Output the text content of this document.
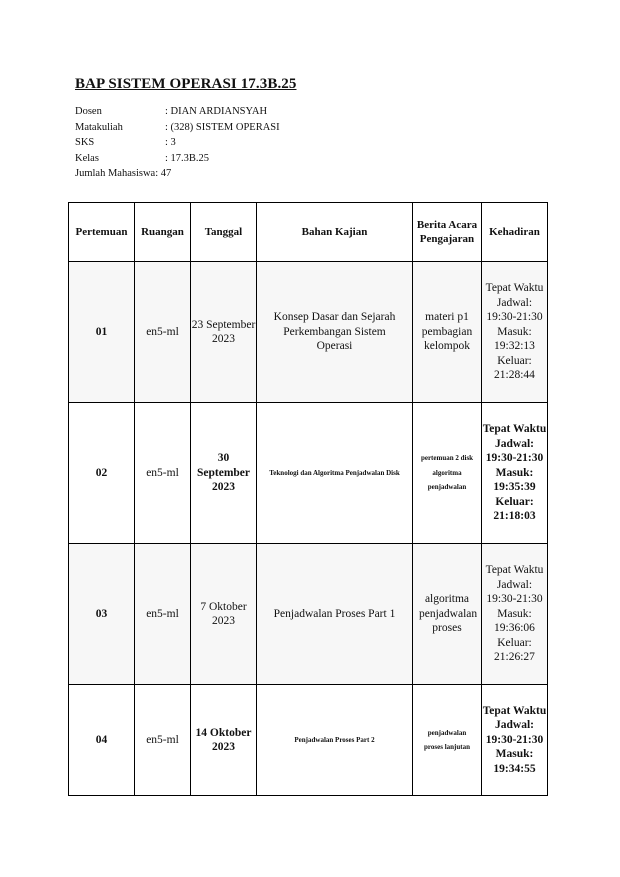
BAP SISTEM OPERASI 17.3B.25
Dosen	: DIAN ARDIANSYAH
Matakuliah	: (328) SISTEM OPERASI
SKS	: 3
Kelas	: 17.3B.25
Jumlah Mahasiswa : 47
Pertemuan	Ruangan	Tanggal	Bahan Kajian	Berita Acara Pengajaran	Kehadiran
01	en5-ml	23 September 2023	Konsep Dasar dan Sejarah Perkembangan Sistem Operasi	materi p1 pembagian kelompok	Tepat Waktu
Jadwal: 19:30-21:30
Masuk: 19:32:13
Keluar: 21:28:44

02	en5-ml	30 September 2023	Teknologi dan Algoritma Penjadwalan Disk	pertemuan 2 disk algoritma penjadwalan	Tepat Waktu
Jadwal: 19:30-21:30
Masuk: 19:35:39
Keluar: 21:18:03

03	en5-ml	7 Oktober 2023	Penjadwalan Proses Part 1	algoritma penjadwalan proses	Tepat Waktu
Jadwal: 19:30-21:30
Masuk: 19:36:06
Keluar: 21:26:27

04	en5-ml	14 Oktober 2023	Penjadwalan Proses Part 2	penjadwalan proses lanjutan	Tepat Waktu
Jadwal: 19:30-21:30
Masuk: 19:34:55
